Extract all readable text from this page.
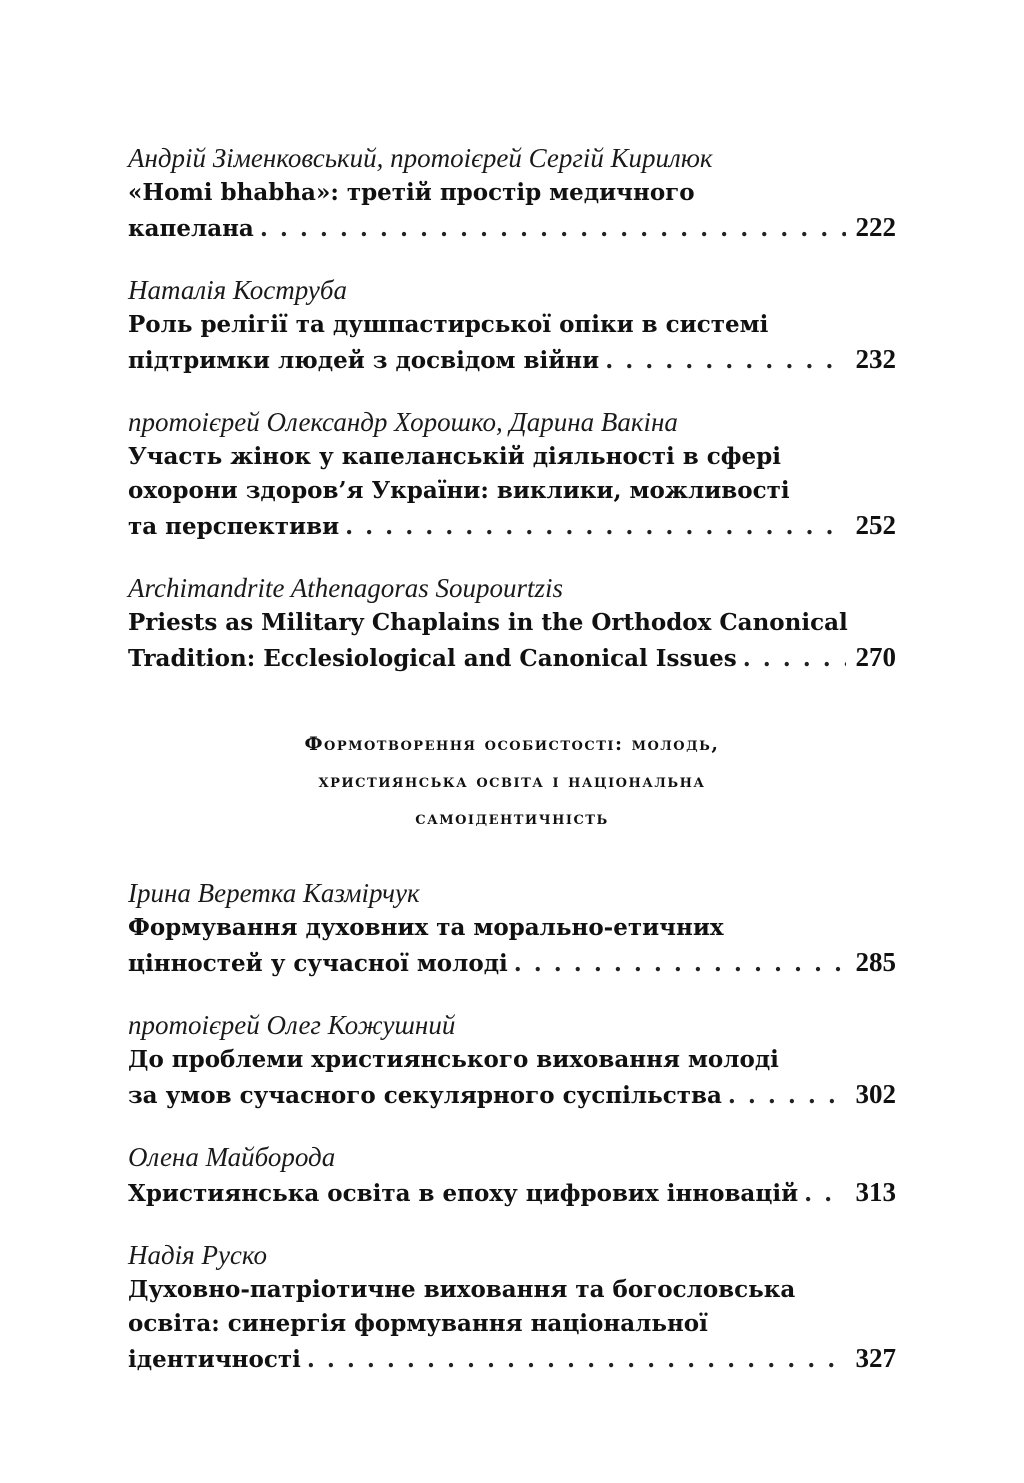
Андрій Зіменковський, протоієрей Сергій Кирилюк
«Homi bhabha»: третій простір медичного
капелана . . .	222
Наталія Коструба
Роль релігії та душпастирської опіки в системі
підтримки людей з досвідом війни . . .	232
протоієрей Олександр Хорошко, Дарина Вакіна
Участь жінок у капеланській діяльності в сфері
охорони здоров’я України: виклики, можливості
та перспективи . . .	252
Archimandrite Athenagoras Soupourtzis
Priests as Military Chaplains in the Orthodox Canonical
Tradition: Ecclesiological and Canonical Issues . . .	270
Формотворення особистості: молодь,
християнська освіта і національна
самоідентичність
Ірина Веретка Казмірчук
Формування духовних та морально-етичних
цінностей у сучасної молоді . . .	285
протоієрей Олег Кожушний
До проблеми християнського виховання молоді
за умов сучасного секулярного суспільства . . .	302
Олена Майборода
Християнська освіта в епоху цифрових інновацій . . . 313
Надія Руско
Духовно-патріотичне виховання та богословська
освіта: синергія формування національної
ідентичності . . .	327
